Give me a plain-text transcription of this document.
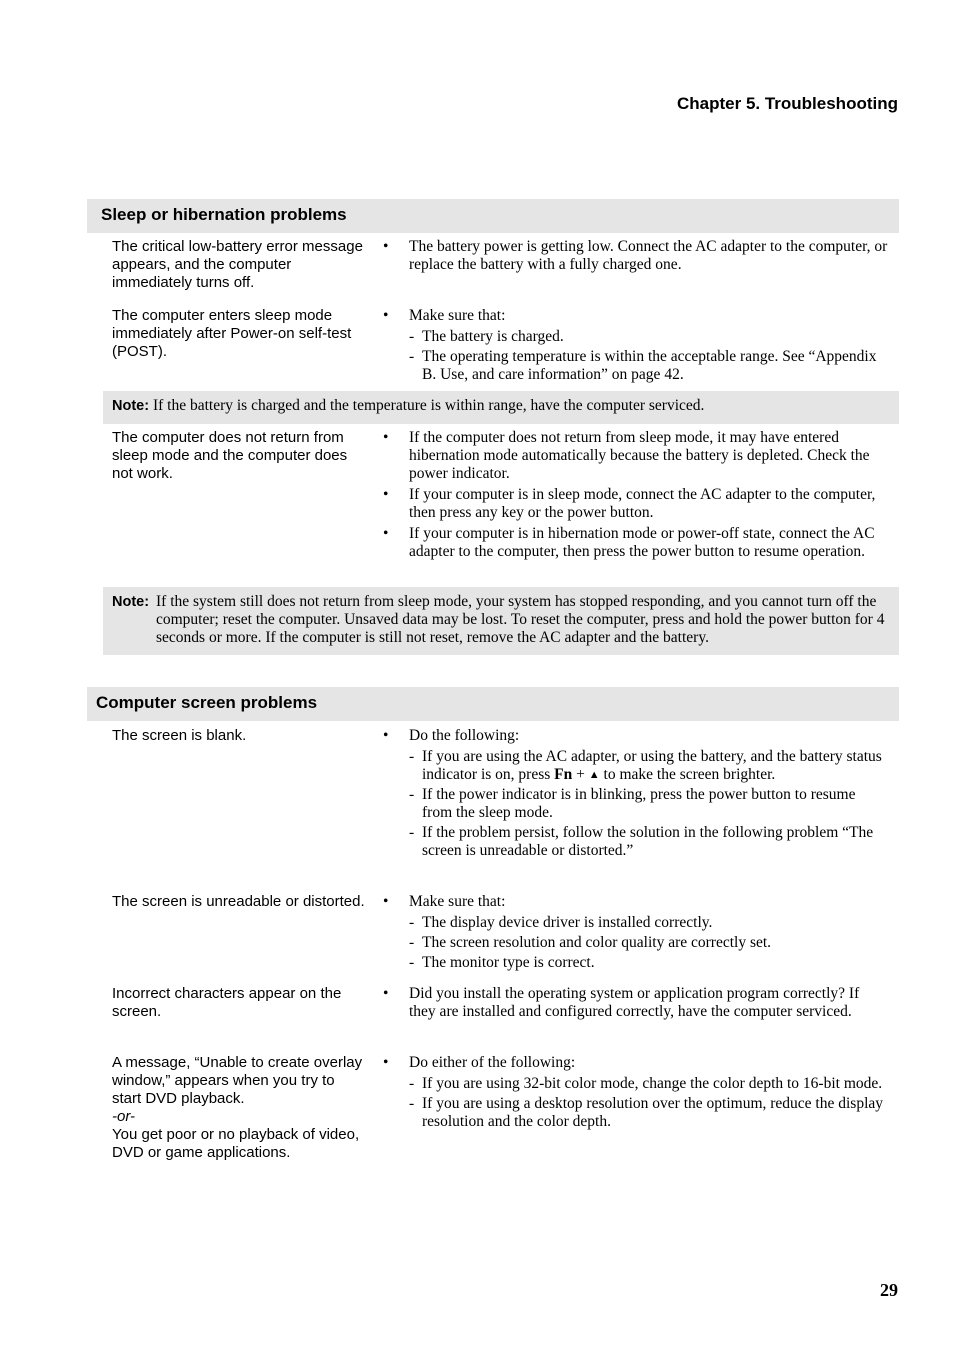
Chapter 5. Troubleshooting
Sleep or hibernation problems
The critical low-battery error message appears, and the computer immediately turns off.
• The battery power is getting low. Connect the AC adapter to the computer, or replace the battery with a fully charged one.
The computer enters sleep mode immediately after Power-on self-test (POST).
• Make sure that:
- The battery is charged.
- The operating temperature is within the acceptable range. See “Appendix B. Use, and care information” on page 42.
Note: If the battery is charged and the temperature is within range, have the computer serviced.
The computer does not return from sleep mode and the computer does not work.
• If the computer does not return from sleep mode, it may have entered hibernation mode automatically because the battery is depleted. Check the power indicator.
• If your computer is in sleep mode, connect the AC adapter to the computer, then press any key or the power button.
• If your computer is in hibernation mode or power-off state, connect the AC adapter to the computer, then press the power button to resume operation.
Note: If the system still does not return from sleep mode, your system has stopped responding, and you cannot turn off the computer; reset the computer. Unsaved data may be lost. To reset the computer, press and hold the power button for 4 seconds or more. If the computer is still not reset, remove the AC adapter and the battery.
Computer screen problems
The screen is blank.	• Do the following:
- If you are using the AC adapter, or using the battery, and the battery status indicator is on, press Fn + ▲ to make the screen brighter.
- If the power indicator is in blinking, press the power button to resume from the sleep mode.
- If the problem persist, follow the solution in the following problem “The screen is unreadable or distorted.”
The screen is unreadable or distorted.	• Make sure that:
- The display device driver is installed correctly.
- The screen resolution and color quality are correctly set.
- The monitor type is correct.
Incorrect characters appear on the screen.
• Did you install the operating system or application program correctly? If they are installed and configured correctly, have the computer serviced.
A message, “Unable to create overlay window,” appears when you try to start DVD playback.
-or-
You get poor or no playback of video, DVD or game applications.
• Do either of the following:
- If you are using 32-bit color mode, change the color depth to 16-bit mode.
- If you are using a desktop resolution over the optimum, reduce the display resolution and the color depth.
29
